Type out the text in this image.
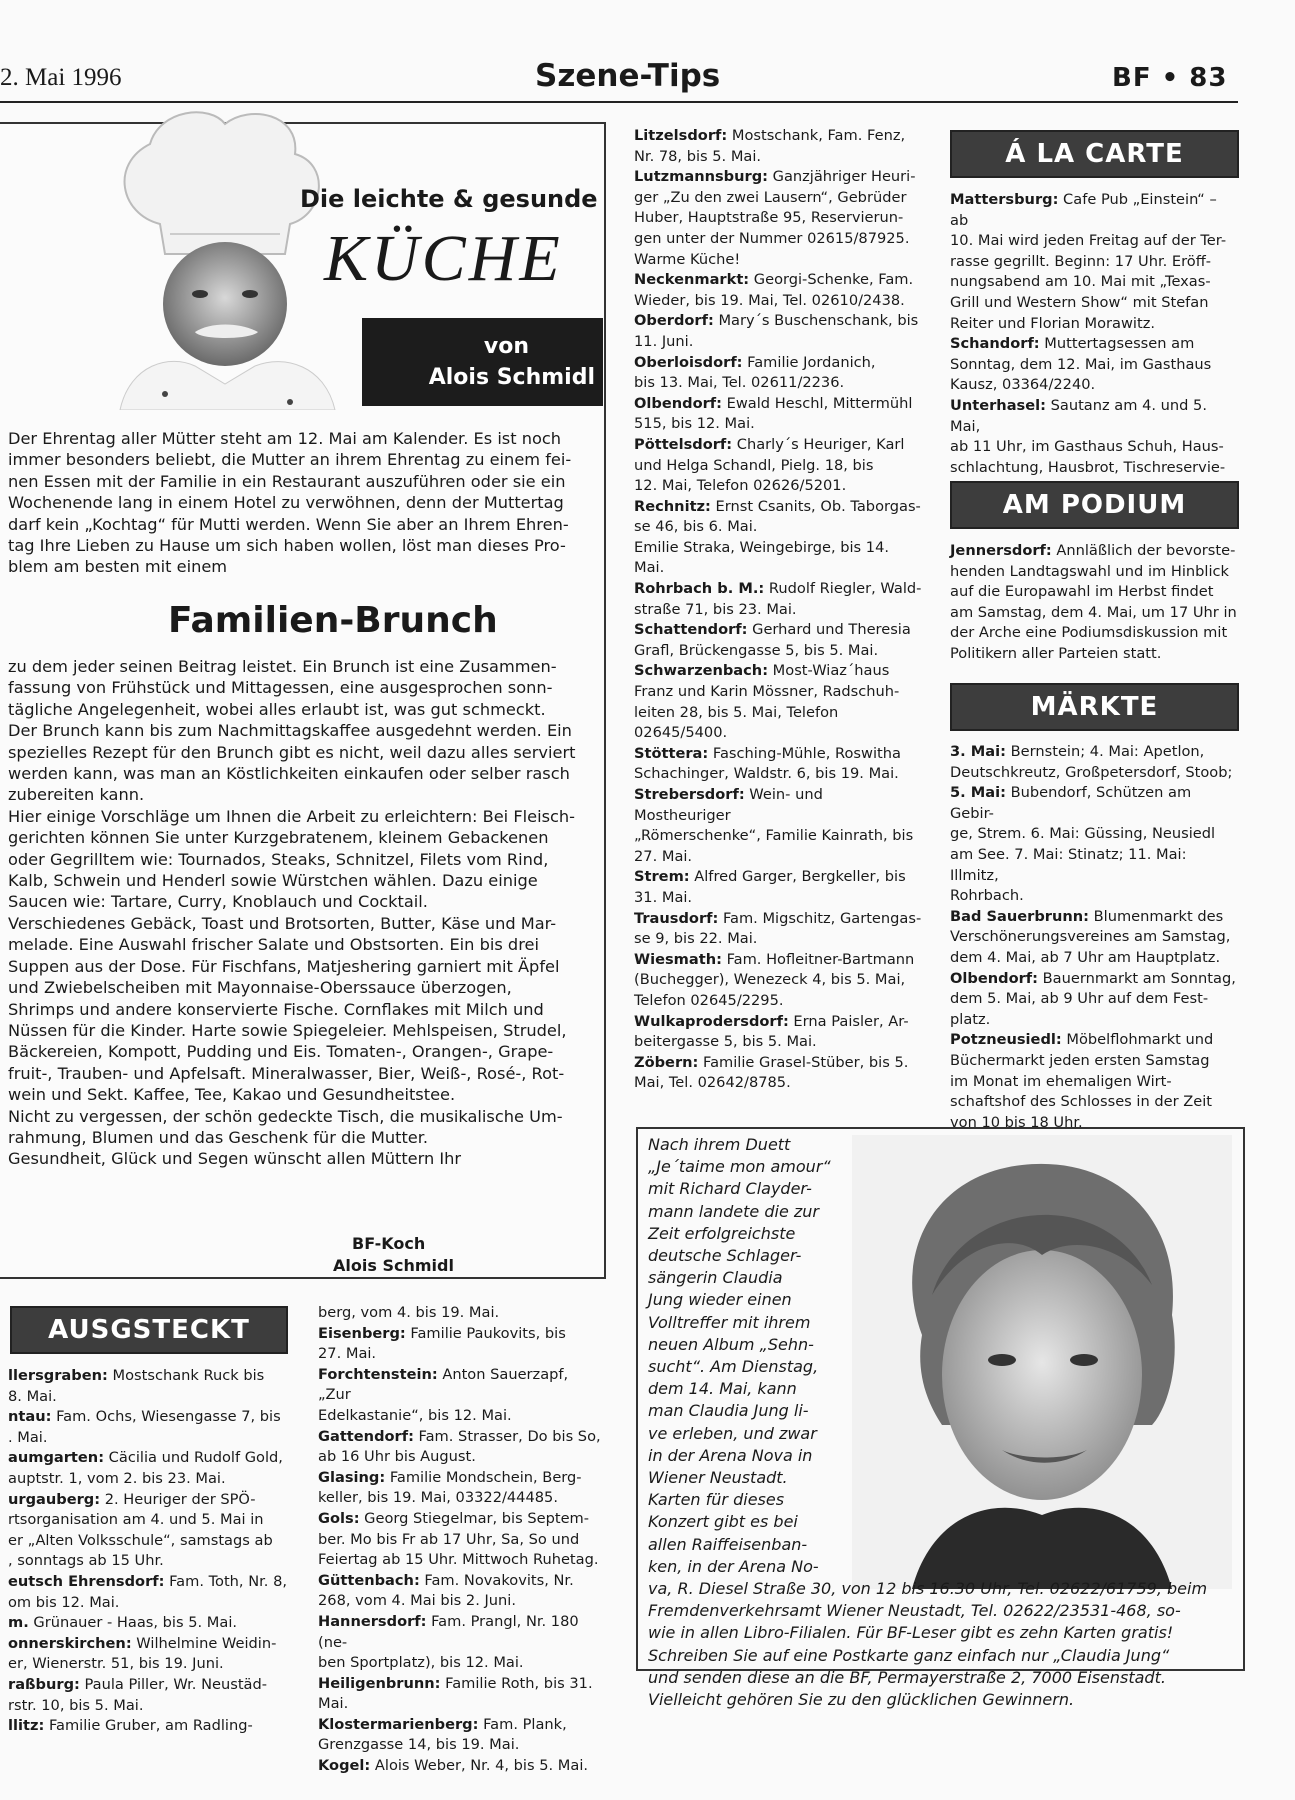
2. Mai 1996	Szene-Tips	BF • 83
Die leichte & gesunde
KÜCHE
von
Alois Schmidl

Der Ehrentag aller Mütter steht am 12. Mai am Kalender. Es ist noch

immer besonders beliebt, die Mutter an ihrem Ehrentag zu einem fei-

nen Essen mit der Familie in ein Restaurant auszuführen oder sie ein

Wochenende lang in einem Hotel zu verwöhnen, denn der Muttertag

darf kein „Kochtag“ für Mutti werden. Wenn Sie aber an Ihrem Ehren-

tag Ihre Lieben zu Hause um sich haben wollen, löst man dieses Pro-

blem am besten mit einem

Familien-Brunch

zu dem jeder seinen Beitrag leistet. Ein Brunch ist eine Zusammen-

fassung von Frühstück und Mittagessen, eine ausgesprochen sonn-

tägliche Angelegenheit, wobei alles erlaubt ist, was gut schmeckt.

Der Brunch kann bis zum Nachmittagskaffee ausgedehnt werden. Ein

spezielles Rezept für den Brunch gibt es nicht, weil dazu alles serviert

werden kann, was man an Köstlichkeiten einkaufen oder selber rasch

zubereiten kann.

Hier einige Vorschläge um Ihnen die Arbeit zu erleichtern: Bei Fleisch-

gerichten können Sie unter Kurzgebratenem, kleinem Gebackenen

oder Gegrilltem wie: Tournados, Steaks, Schnitzel, Filets vom Rind,

Kalb, Schwein und Henderl sowie Würstchen wählen. Dazu einige

Saucen wie: Tartare, Curry, Knoblauch und Cocktail.

Verschiedenes Gebäck, Toast und Brotsorten, Butter, Käse und Mar-

melade. Eine Auswahl frischer Salate und Obstsorten. Ein bis drei

Suppen aus der Dose. Für Fischfans, Matjeshering garniert mit Äpfel

und Zwiebelscheiben mit Mayonnaise-Oberssauce überzogen,

Shrimps und andere konservierte Fische. Cornflakes mit Milch und

Nüssen für die Kinder. Harte sowie Spiegeleier. Mehlspeisen, Strudel,

Bäckereien, Kompott, Pudding und Eis. Tomaten-, Orangen-, Grape-

fruit-, Trauben- und Apfelsaft. Mineralwasser, Bier, Weiß-, Rosé-, Rot-

wein und Sekt. Kaffee, Tee, Kakao und Gesundheitstee.

Nicht zu vergessen, der schön gedeckte Tisch, die musikalische Um-

rahmung, Blumen und das Geschenk für die Mutter.

Gesundheit, Glück und Segen wünscht allen Müttern Ihr

BF-Koch
Alois Schmidl

Litzelsdorf: Mostschank, Fam. Fenz,

Nr. 78, bis 5. Mai.

Lutzmannsburg: Ganzjähriger Heuri-

ger „Zu den zwei Lausern“, Gebrüder

Huber, Hauptstraße 95, Reservierun-

gen unter der Nummer 02615/87925.

Warme Küche!

Neckenmarkt: Georgi-Schenke, Fam.

Wieder, bis 19. Mai, Tel. 02610/2438.

Oberdorf: Mary´s Buschenschank, bis

11. Juni.

Oberloisdorf: Familie Jordanich,

bis 13. Mai, Tel. 02611/2236.

Olbendorf: Ewald Heschl, Mittermühl

515, bis 12. Mai.

Pöttelsdorf: Charly´s Heuriger, Karl

und Helga Schandl, Pielg. 18, bis

12. Mai, Telefon 02626/5201.

Rechnitz: Ernst Csanits, Ob. Taborgas-

se 46, bis 6. Mai.

Emilie Straka, Weingebirge, bis 14.

Mai.

Rohrbach b. M.: Rudolf Riegler, Wald-

straße 71, bis 23. Mai.

Schattendorf: Gerhard und Theresia

Grafl, Brückengasse 5, bis 5. Mai.

Schwarzenbach: Most-Wiaz´haus

Franz und Karin Mössner, Radschuh-

leiten 28, bis 5. Mai, Telefon

02645/5400.

Stöttera: Fasching-Mühle, Roswitha

Schachinger, Waldstr. 6, bis 19. Mai.

Strebersdorf: Wein- und Mostheuriger

„Römerschenke“, Familie Kainrath, bis

27. Mai.

Strem: Alfred Garger, Bergkeller, bis

31. Mai.

Trausdorf: Fam. Migschitz, Gartengas-

se 9, bis 22. Mai.

Wiesmath: Fam. Hofleitner-Bartmann

(Buchegger), Wenezeck 4, bis 5. Mai,

Telefon 02645/2295.

Wulkaprodersdorf: Erna Paisler, Ar-

beitergasse 5, bis 5. Mai.

Zöbern: Familie Grasel-Stüber, bis 5.

Mai, Tel. 02642/8785.

Á LA CARTE

Mattersburg: Cafe Pub „Einstein“ – ab

10. Mai wird jeden Freitag auf der Ter-

rasse gegrillt. Beginn: 17 Uhr. Eröff-

nungsabend am 10. Mai mit „Texas-

Grill und Western Show“ mit Stefan

Reiter und Florian Morawitz.

Schandorf: Muttertagsessen am

Sonntag, dem 12. Mai, im Gasthaus

Kausz, 03364/2240.

Unterhasel: Sautanz am 4. und 5. Mai,

ab 11 Uhr, im Gasthaus Schuh, Haus-

schlachtung, Hausbrot, Tischreservie-

AM PODIUM

Jennersdorf: Annläßlich der bevorste-

henden Landtagswahl und im Hinblick

auf die Europawahl im Herbst findet

am Samstag, dem 4. Mai, um 17 Uhr in

der Arche eine Podiumsdiskussion mit

Politikern aller Parteien statt.

MÄRKTE

3. Mai: Bernstein; 4. Mai: Apetlon,

Deutschkreutz, Großpetersdorf, Stoob;

5. Mai: Bubendorf, Schützen am Gebir-

ge, Strem. 6. Mai: Güssing, Neusiedl

am See. 7. Mai: Stinatz; 11. Mai: Illmitz,

Rohrbach.

Bad Sauerbrunn: Blumenmarkt des

Verschönerungsvereines am Samstag,

dem 4. Mai, ab 7 Uhr am Hauptplatz.

Olbendorf: Bauernmarkt am Sonntag,

dem 5. Mai, ab 9 Uhr auf dem Fest-

platz.

Potzneusiedl: Möbelflohmarkt und

Büchermarkt jeden ersten Samstag

im Monat im ehemaligen Wirt-

schaftshof des Schlosses in der Zeit

von 10 bis 18 Uhr.

AUSGSTECKT

llersgraben: Mostschank Ruck bis

8. Mai.

ntau: Fam. Ochs, Wiesengasse 7, bis

. Mai.

aumgarten: Cäcilia und Rudolf Gold,

auptstr. 1, vom 2. bis 23. Mai.

urgauberg: 2. Heuriger der SPÖ-

rtsorganisation am 4. und 5. Mai in

er „Alten Volksschule“, samstags ab

, sonntags ab 15 Uhr.

eutsch Ehrensdorf: Fam. Toth, Nr. 8,

om bis 12. Mai.

m. Grünauer - Haas, bis 5. Mai.

onnerskirchen: Wilhelmine Weidin-

er, Wienerstr. 51, bis 19. Juni.

raßburg: Paula Piller, Wr. Neustäd-

rstr. 10, bis 5. Mai.

llitz: Familie Gruber, am Radling-

berg, vom 4. bis 19. Mai.

Eisenberg: Familie Paukovits, bis

27. Mai.

Forchtenstein: Anton Sauerzapf, „Zur

Edelkastanie“, bis 12. Mai.

Gattendorf: Fam. Strasser, Do bis So,

ab 16 Uhr bis August.

Glasing: Familie Mondschein, Berg-

keller, bis 19. Mai, 03322/44485.

Gols: Georg Stiegelmar, bis Septem-

ber. Mo bis Fr ab 17 Uhr, Sa, So und

Feiertag ab 15 Uhr. Mittwoch Ruhetag.

Güttenbach: Fam. Novakovits, Nr.

268, vom 4. Mai bis 2. Juni.

Hannersdorf: Fam. Prangl, Nr. 180 (ne-

ben Sportplatz), bis 12. Mai.

Heiligenbrunn: Familie Roth, bis 31.

Mai.

Klostermarienberg: Fam. Plank,

Grenzgasse 14, bis 19. Mai.

Kogel: Alois Weber, Nr. 4, bis 5. Mai.

Nach ihrem Duett

„Je´taime mon amour“

mit Richard Clayder-

mann landete die zur

Zeit erfolgreichste

deutsche Schlager-

sängerin Claudia

Jung wieder einen

Volltreffer mit ihrem

neuen Album „Sehn-

sucht“. Am Dienstag,

dem 14. Mai, kann

man Claudia Jung li-

ve erleben, und zwar

in der Arena Nova in

Wiener Neustadt.

Karten für dieses

Konzert gibt es bei

allen Raiffeisenban-

ken, in der Arena No-

va, R. Diesel Straße 30, von 12 bis 16.30 Uhr, Tel. 02622/61759, beim

Fremdenverkehrsamt Wiener Neustadt, Tel. 02622/23531-468, so-

wie in allen Libro-Filialen. Für BF-Leser gibt es zehn Karten gratis!

Schreiben Sie auf eine Postkarte ganz einfach nur „Claudia Jung“

und senden diese an die BF, Permayerstraße 2, 7000 Eisenstadt.

Vielleicht gehören Sie zu den glücklichen Gewinnern.
